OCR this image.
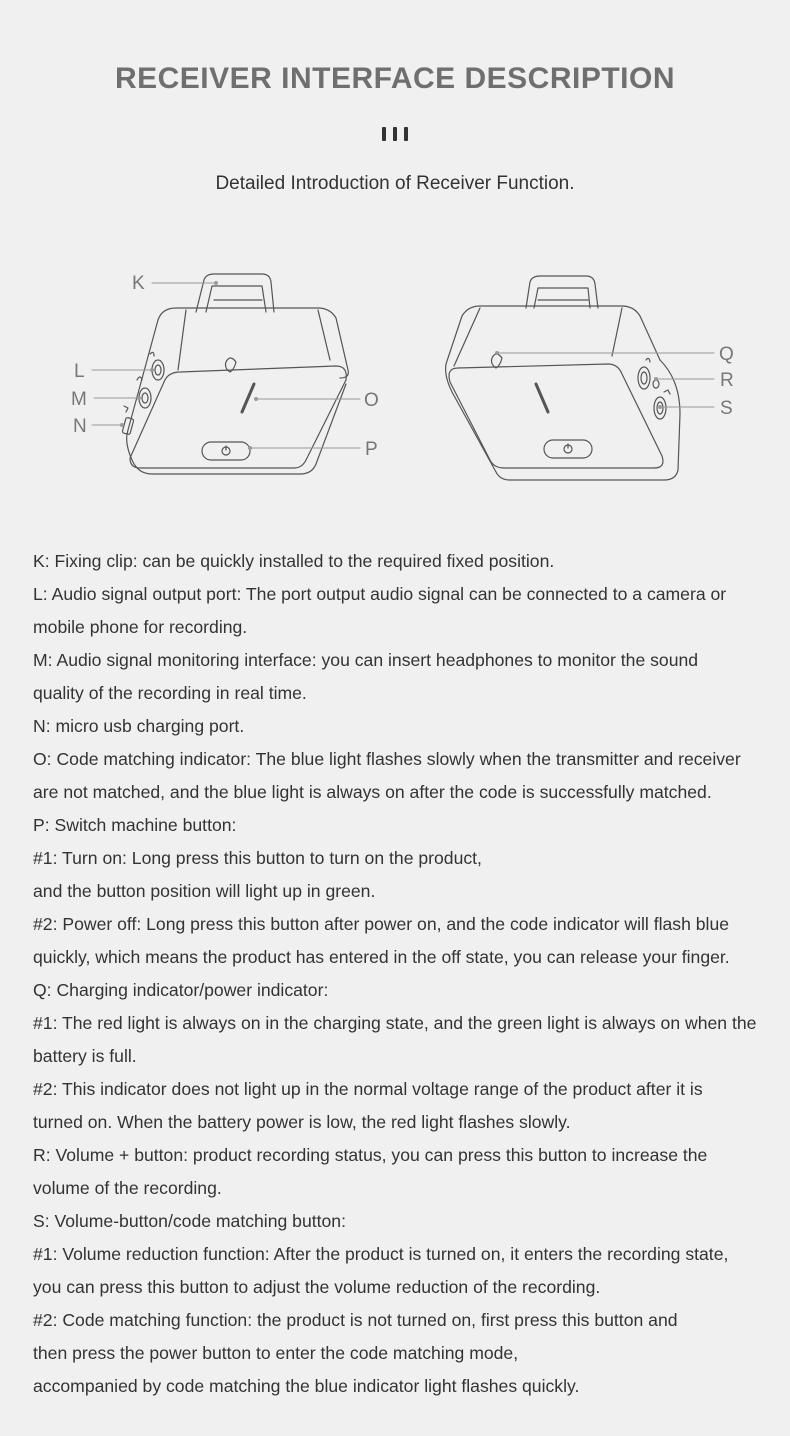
RECEIVER INTERFACE DESCRIPTION
Detailed Introduction of Receiver Function.
K
L
M
N
O
P
Q
R
S

K: Fixing clip: can be quickly installed to the required fixed position.

L: Audio signal output port: The port output audio signal can be connected to a camera or

mobile phone for recording.

M: Audio signal monitoring interface: you can insert headphones to monitor the sound

quality of the recording in real time.

N: micro usb charging port.

O: Code matching indicator: The blue light flashes slowly when the transmitter and receiver

are not matched, and the blue light is always on after the code is successfully matched.

P: Switch machine button:

#1: Turn on: Long press this button to turn on the product,

and the button position will light up in green.

#2: Power off: Long press this button after power on, and the code indicator will flash blue

quickly, which means the product has entered in the off state, you can release your finger.

Q: Charging indicator/power indicator:

#1: The red light is always on in the charging state, and the green light is always on when the

battery is full.

#2: This indicator does not light up in the normal voltage range of the product after it is

turned on. When the battery power is low, the red light flashes slowly.

R: Volume + button: product recording status, you can press this button to increase the

volume of the recording.

S: Volume-button/code matching button:

#1: Volume reduction function: After the product is turned on, it enters the recording state,

you can press this button to adjust the volume reduction of the recording.

#2: Code matching function: the product is not turned on, first press this button and

then press the power button to enter the code matching mode,

accompanied by code matching the blue indicator light flashes quickly.
